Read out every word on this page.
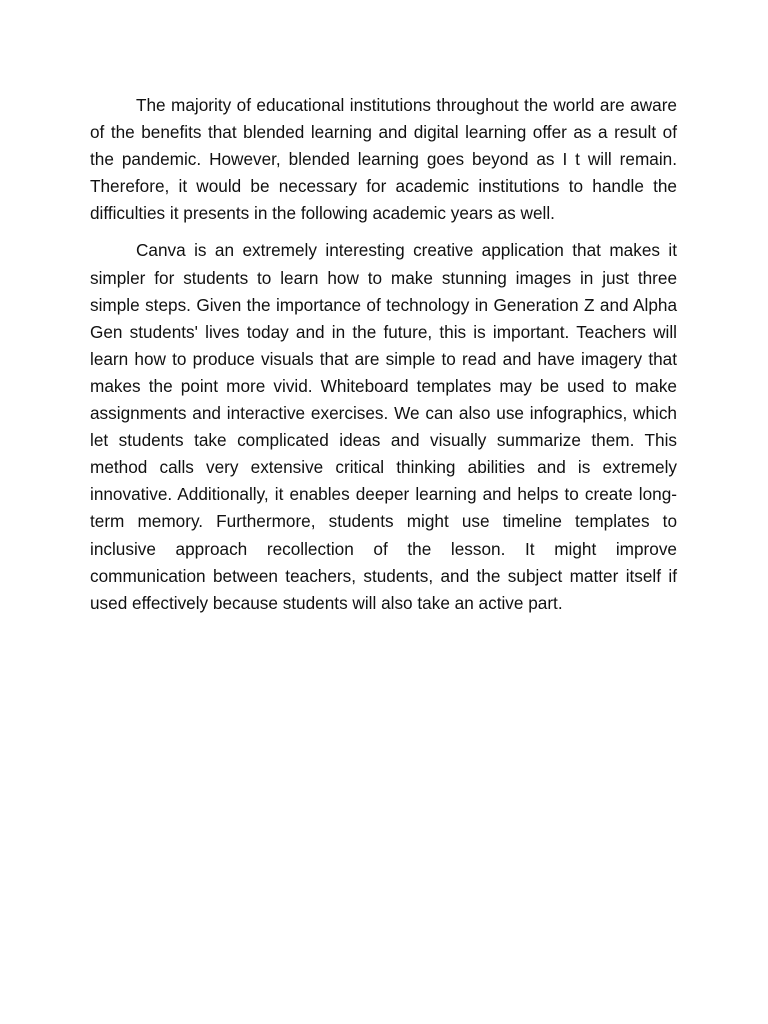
The majority of educational institutions throughout the world are aware of the benefits that blended learning and digital learning offer as a result of the pandemic. However, blended learning goes beyond as I t will remain. Therefore, it would be necessary for academic institutions to handle the difficulties it presents in the following academic years as well.

Canva is an extremely interesting creative application that makes it simpler for students to learn how to make stunning images in just three simple steps. Given the importance of technology in Generation Z and Alpha Gen students' lives today and in the future, this is important. Teachers will learn how to produce visuals that are simple to read and have imagery that makes the point more vivid. Whiteboard templates may be used to make assignments and interactive exercises. We can also use infographics, which let students take complicated ideas and visually summarize them. This method calls very extensive critical thinking abilities and is extremely innovative. Additionally, it enables deeper learning and helps to create long-term memory. Furthermore, students might use timeline templates to inclusive approach recollection of the lesson. It might improve communication between teachers, students, and the subject matter itself if used effectively because students will also take an active part.
